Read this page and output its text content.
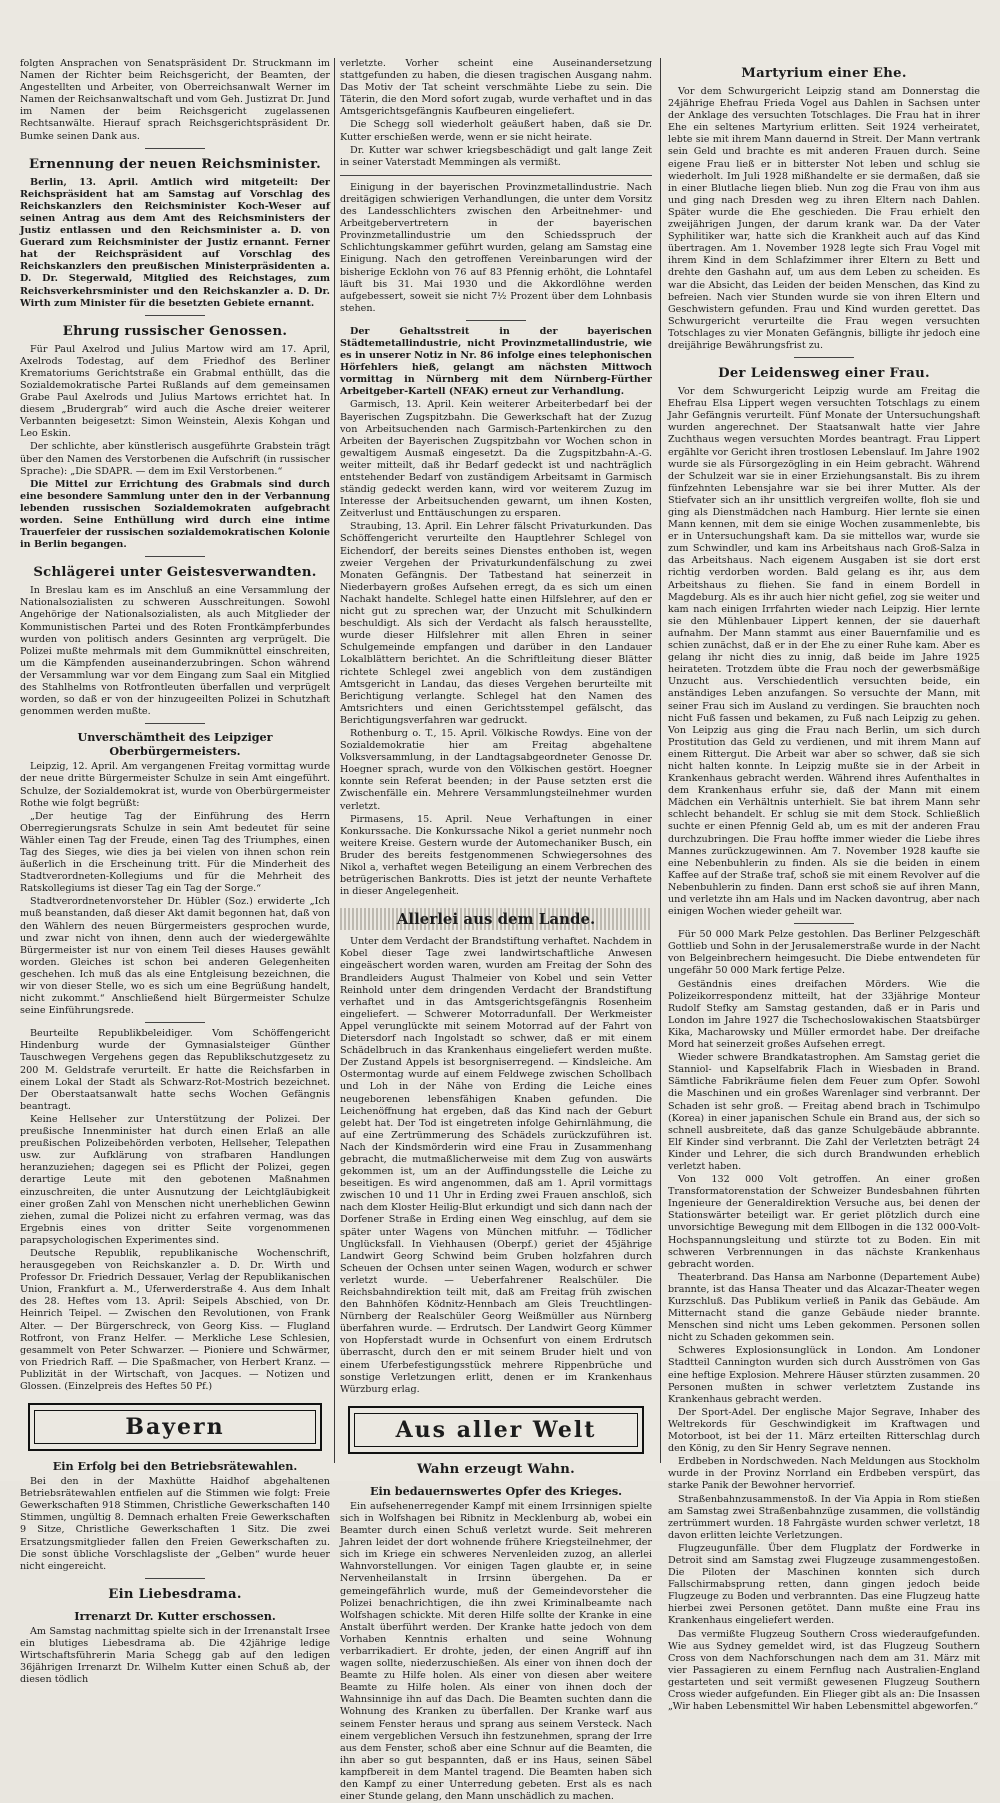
folgten Ansprachen von Senatspräsident Dr. Struckmann im Namen der Richter beim Reichsgericht, der Beamten, der Angestellten und Arbeiter, von Oberreichsanwalt Werner im Namen der Reichsanwaltschaft und vom Geh. Justizrat Dr. Jund im Namen der beim Reichsgericht zugelassenen Rechtsanwälte. Hierauf sprach Reichsgerichtspräsident Dr. Bumke seinen Dank aus.

Ernennung der neuen Reichsminister.

Berlin, 13. April. Amtlich wird mitgeteilt: Der Reichspräsident hat am Samstag auf Vorschlag des Reichskanzlers den Reichsminister Koch-Weser auf seinen Antrag aus dem Amt des Reichsministers der Justiz entlassen und den Reichsminister a. D. von Guerard zum Reichsminister der Justiz ernannt. Ferner hat der Reichspräsident auf Vorschlag des Reichskanzlers den preußischen Ministerpräsidenten a. D. Dr. Stegerwald, Mitglied des Reichstages, zum Reichsverkehrsminister und den Reichskanzler a. D. Dr. Wirth zum Minister für die besetzten Gebiete ernannt.

Ehrung russischer Genossen.

Für Paul Axelrod und Julius Martow wird am 17. April, Axelrods Todestag, auf dem Friedhof des Berliner Krematoriums Gerichtstraße ein Grabmal enthüllt, das die Sozialdemokratische Partei Rußlands auf dem gemeinsamen Grabe Paul Axelrods und Julius Martows errichtet hat. In diesem „Brudergrab“ wird auch die Asche dreier weiterer Verbannten beigesetzt: Simon Weinstein, Alexis Kohgan und Leo Eskin.

Der schlichte, aber künstlerisch ausgeführte Grabstein trägt über den Namen des Verstorbenen die Aufschrift (in russischer Sprache): „Die SDAPR. — dem im Exil Verstorbenen.“

Die Mittel zur Errichtung des Grabmals sind durch eine besondere Sammlung unter den in der Verbannung lebenden russischen Sozialdemokraten aufgebracht worden. Seine Enthüllung wird durch eine intime Trauerfeier der russischen sozialdemokratischen Kolonie in Berlin begangen.

Schlägerei unter Geistesverwandten.

In Breslau kam es im Anschluß an eine Versammlung der Nationalsozialisten zu schweren Ausschreitungen. Sowohl Angehörige der Nationalsozialisten, als auch Mitglieder der Kommunistischen Partei und des Roten Frontkämpferbundes wurden von politisch anders Gesinnten arg verprügelt. Die Polizei mußte mehrmals mit dem Gummiknüttel einschreiten, um die Kämpfenden auseinanderzubringen. Schon während der Versammlung war vor dem Eingang zum Saal ein Mitglied des Stahlhelms von Rotfrontleuten überfallen und verprügelt worden, so daß er von der hinzugeeilten Polizei in Schutzhaft genommen werden mußte.

Unverschämtheit des Leipziger Oberbürgermeisters.

Leipzig, 12. April. Am vergangenen Freitag vormittag wurde der neue dritte Bürgermeister Schulze in sein Amt eingeführt. Schulze, der Sozialdemokrat ist, wurde von Oberbürgermeister Rothe wie folgt begrüßt:

„Der heutige Tag der Einführung des Herrn Oberregierungsrats Schulze in sein Amt bedeutet für seine Wähler einen Tag der Freude, einen Tag des Triumphes, einen Tag des Sieges, wie dies ja bei vielen von ihnen schon rein äußerlich in die Erscheinung tritt. Für die Minderheit des Stadtverordneten-Kollegiums und für die Mehrheit des Ratskollegiums ist dieser Tag ein Tag der Sorge.“

Stadtverordnetenvorsteher Dr. Hübler (Soz.) erwiderte „Ich muß beanstanden, daß dieser Akt damit begonnen hat, daß von den Wählern des neuen Bürgermeisters gesprochen wurde, und zwar nicht von ihnen, denn auch der wiedergewählte Bürgermeister ist nur von einem Teil dieses Hauses gewählt worden. Gleiches ist schon bei anderen Gelegenheiten geschehen. Ich muß das als eine Entgleisung bezeichnen, die wir von dieser Stelle, wo es sich um eine Begrüßung handelt, nicht zukommt.“ Anschließend hielt Bürgermeister Schulze seine Einführungsrede.

Beurteilte Republikbeleidiger. Vom Schöffengericht Hindenburg wurde der Gymnasialsteiger Günther Tauschwegen Vergehens gegen das Republikschutzgesetz zu 200 M. Geldstrafe verurteilt. Er hatte die Reichsfarben in einem Lokal der Stadt als Schwarz-Rot-Mostrich bezeichnet. Der Oberstaatsanwalt hatte sechs Wochen Gefängnis beantragt.

Keine Hellseher zur Unterstützung der Polizei. Der preußische Innenminister hat durch einen Erlaß an alle preußischen Polizeibehörden verboten, Hellseher, Telepathen usw. zur Aufklärung von strafbaren Handlungen heranzuziehen; dagegen sei es Pflicht der Polizei, gegen derartige Leute mit den gebotenen Maßnahmen einzuschreiten, die unter Ausnutzung der Leichtgläubigkeit einer großen Zahl von Menschen nicht unerheblichen Gewinn ziehen, zumal die Polizei nicht zu erfahren vermag, was das Ergebnis eines von dritter Seite vorgenommenen parapsychologischen Experimentes sind.

Deutsche Republik, republikanische Wochenschrift, herausgegeben von Reichskanzler a. D. Dr. Wirth und Professor Dr. Friedrich Dessauer, Verlag der Republikanischen Union, Frankfurt a. M., Uferwerderstraße 4. Aus dem Inhalt des 28. Heftes vom 13. April: Seipels Abschied, von Dr. Heinrich Teipel. — Zwischen den Revolutionen, von Frank Alter. — Der Bürgerschreck, von Georg Kiss. — Flugland Rotfront, von Franz Helfer. — Merkliche Lese Schlesien, gesammelt von Peter Schwarzer. — Pioniere und Schwärmer, von Friedrich Raff. — Die Spaßmacher, von Herbert Kranz. — Publizität in der Wirtschaft, von Jacques. — Notizen und Glossen. (Einzelpreis des Heftes 50 Pf.)

Bayern
Ein Erfolg bei den Betriebsrätewahlen.

Bei den in der Maxhütte Haidhof abgehaltenen Betriebsrätewahlen entfielen auf die Stimmen wie folgt: Freie Gewerkschaften 918 Stimmen, Christliche Gewerkschaften 140 Stimmen, ungültig 8. Demnach erhalten Freie Gewerkschaften 9 Sitze, Christliche Gewerkschaften 1 Sitz. Die zwei Ersatzungsmitglieder fallen den Freien Gewerkschaften zu. Die sonst übliche Vorschlagsliste der „Gelben“ wurde heuer nicht eingereicht.

Ein Liebesdrama.
Irrenarzt Dr. Kutter erschossen.

Am Samstag nachmittag spielte sich in der Irrenanstalt Irsee ein blutiges Liebesdrama ab. Die 42jährige ledige Wirtschaftsführerin Maria Schegg gab auf den ledigen 36jährigen Irrenarzt Dr. Wilhelm Kutter einen Schuß ab, der diesen tödlich

verletzte. Vorher scheint eine Auseinandersetzung stattgefunden zu haben, die diesen tragischen Ausgang nahm. Das Motiv der Tat scheint verschmähte Liebe zu sein. Die Täterin, die den Mord sofort zugab, wurde verhaftet und in das Amtsgerichtsgefängnis Kaufbeuren eingeliefert.

Die Schegg soll wiederholt geäußert haben, daß sie Dr. Kutter erschießen werde, wenn er sie nicht heirate.

Dr. Kutter war schwer kriegsbeschädigt und galt lange Zeit in seiner Vaterstadt Memmingen als vermißt.

Einigung in der bayerischen Provinzmetallindustrie. Nach dreitägigen schwierigen Verhandlungen, die unter dem Vorsitz des Landesschlichters zwischen den Arbeitnehmer- und Arbeitgebervertretern in der bayerischen Provinzmetallindustrie um den Schiedsspruch der Schlichtungskammer geführt wurden, gelang am Samstag eine Einigung. Nach den getroffenen Vereinbarungen wird der bisherige Ecklohn von 76 auf 83 Pfennig erhöht, die Lohntafel läuft bis 31. Mai 1930 und die Akkordlöhne werden aufgebessert, soweit sie nicht 7½ Prozent über dem Lohnbasis stehen.

Der Gehaltsstreit in der bayerischen Städtemetallindustrie, nicht Provinzmetallindustrie, wie es in unserer Notiz in Nr. 86 infolge eines telephonischen Hörfehlers hieß, gelangt am nächsten Mittwoch vormittag in Nürnberg mit dem Nürnberg-Fürther Arbeitgeber-Kartell (NFAK) erneut zur Verhandlung.

Garmisch, 13. April. Kein weiterer Arbeiterbedarf bei der Bayerischen Zugspitzbahn. Die Gewerkschaft hat der Zuzug von Arbeitsuchenden nach Garmisch-Partenkirchen zu den Arbeiten der Bayerischen Zugspitzbahn vor Wochen schon in gewaltigem Ausmaß eingesetzt. Da die Zugspitzbahn-A.-G. weiter mitteilt, daß ihr Bedarf gedeckt ist und nachträglich entstehender Bedarf von zuständigem Arbeitsamt in Garmisch ständig gedeckt werden kann, wird vor weiterem Zuzug im Interesse der Arbeitsuchenden gewarnt, um ihnen Kosten, Zeitverlust und Enttäuschungen zu ersparen.

Straubing, 13. April. Ein Lehrer fälscht Privaturkunden. Das Schöffengericht verurteilte den Hauptlehrer Schlegel von Eichendorf, der bereits seines Dienstes enthoben ist, wegen zweier Vergehen der Privaturkundenfälschung zu zwei Monaten Gefängnis. Der Tatbestand hat seinerzeit in Niederbayern großes Aufsehen erregt, da es sich um einen Nachakt handelte. Schlegel hatte einen Hilfslehrer, auf den er nicht gut zu sprechen war, der Unzucht mit Schulkindern beschuldigt. Als sich der Verdacht als falsch herausstellte, wurde dieser Hilfslehrer mit allen Ehren in seiner Schulgemeinde empfangen und darüber in den Landauer Lokalblättern berichtet. An die Schriftleitung dieser Blätter richtete Schlegel zwei angeblich von dem zuständigen Amtsgericht in Landau, das dieses Vergehen berurteilte mit Berichtigung verlangte. Schlegel hat den Namen des Amtsrichters und einen Gerichtsstempel gefälscht, das Berichtigungsverfahren war gedruckt.

Rothenburg o. T., 15. April. Völkische Rowdys. Eine von der Sozialdemokratie hier am Freitag abgehaltene Volksversammlung, in der Landtagsabgeordneter Genosse Dr. Hoegner sprach, wurde von den Völkischen gestört. Hoegner konnte sein Referat beenden; in der Pause setzten erst die Zwischenfälle ein. Mehrere Versammlungsteilnehmer wurden verletzt.

Pirmasens, 15. April. Neue Verhaftungen in einer Konkurssache. Die Konkurssache Nikol a geriet nunmehr noch weitere Kreise. Gestern wurde der Automechaniker Busch, ein Bruder des bereits festgenommenen Schwiegersohnes des Nikol a, verhaftet wegen Beteiligung an einem Verbrechen des betrügerischen Bankrotts. Dies ist jetzt der neunte Verhaftete in dieser Angelegenheit.

Allerlei aus dem Lande.

Unter dem Verdacht der Brandstiftung verhaftet. Nachdem in Kobel dieser Tage zwei landwirtschaftliche Anwesen eingeäschert worden waren, wurden am Freitag der Sohn des Brandleiders August Thalmeier von Kobel und sein Vetter Reinhold unter dem dringenden Verdacht der Brandstiftung verhaftet und in das Amtsgerichtsgefängnis Rosenheim eingeliefert. — Schwerer Motorradunfall. Der Werkmeister Appel verunglückte mit seinem Motorrad auf der Fahrt von Dietersdorf nach Ingolstadt so schwer, daß er mit einem Schädelbruch in das Krankenhaus eingeliefert werden mußte. Der Zustand Appels ist besorgniserregend. — Kindsleiche. Am Ostermontag wurde auf einem Feldwege zwischen Schollbach und Loh in der Nähe von Erding die Leiche eines neugeborenen lebensfähigen Knaben gefunden. Die Leichenöffnung hat ergeben, daß das Kind nach der Geburt gelebt hat. Der Tod ist eingetreten infolge Gehirnlähmung, die auf eine Zertrümmerung des Schädels zurückzuführen ist. Nach der Kindsmörderin wird eine Frau in Zusammenhang gebracht, die mutmaßlicherweise mit dem Zug von auswärts gekommen ist, um an der Auffindungsstelle die Leiche zu beseitigen. Es wird angenommen, daß am 1. April vormittags zwischen 10 und 11 Uhr in Erding zwei Frauen anschloß, sich nach dem Kloster Heilig-Blut erkundigt und sich dann nach der Dorfener Straße in Erding einen Weg einschlug, auf dem sie später unter Wagens von München mitfuhr. — Tödlicher Unglücksfall. In Viehhausen (Oberpf.) geriet der 45jährige Landwirt Georg Schwind beim Gruben holzfahren durch Scheuen der Ochsen unter seinen Wagen, wodurch er schwer verletzt wurde. — Ueberfahrener Realschüler. Die Reichsbahndirektion teilt mit, daß am Freitag früh zwischen den Bahnhöfen Ködnitz-Hennbach am Gleis Treuchtlingen-Nürnberg der Realschüler Georg Weißmüller aus Nürnberg überfahren wurde. — Erdrutsch. Der Landwirt Georg Kümmer von Hopferstadt wurde in Ochsenfurt von einem Erdrutsch überrascht, durch den er mit seinem Bruder hielt und von einem Uferbefestigungsstück mehrere Rippenbrüche und sonstige Verletzungen erlitt, denen er im Krankenhaus Würzburg erlag.

Aus aller Welt
Wahn erzeugt Wahn.
Ein bedauernswertes Opfer des Krieges.

Ein aufsehenerregender Kampf mit einem Irrsinnigen spielte sich in Wolfshagen bei Ribnitz in Mecklenburg ab, wobei ein Beamter durch einen Schuß verletzt wurde. Seit mehreren Jahren leidet der dort wohnende frühere Kriegsteilnehmer, der sich im Kriege ein schweres Nervenleiden zuzog, an allerlei Wahnvorstellungen. Vor einigen Tagen glaubte er, in seine Nervenheilanstalt in Irrsinn übergehen. Da er gemeingefährlich wurde, muß der Gemeindevorsteher die Polizei benachrichtigen, die ihn zwei Kriminalbeamte nach Wolfshagen schickte. Mit deren Hilfe sollte der Kranke in eine Anstalt überführt werden. Der Kranke hatte jedoch von dem Vorhaben Kenntnis erhalten und seine Wohnung verbarrikadiert. Er drohte, jeden, der einen Angriff auf ihn wagen sollte, niederzuschießen. Als einer von ihnen doch der Beamte zu Hilfe holen. Als einer von diesen aber weitere Beamte zu Hilfe holen. Als einer von ihnen doch der Wahnsinnige ihn auf das Dach. Die Beamten suchten dann die Wohnung des Kranken zu überfallen. Der Kranke warf aus seinem Fenster heraus und sprang aus seinem Versteck. Nach einem vergeblichen Versuch ihn festzunehmen, sprang der Irre aus dem Fenster, schoß aber eine Schnur auf die Beamten, die ihn aber so gut bespannten, daß er ins Haus, seinen Säbel kampfbereit in dem Mantel tragend. Die Beamten haben sich den Kampf zu einer Unterredung gebeten. Erst als es nach einer Stunde gelang, den Mann unschädlich zu machen.

Martyrium einer Ehe.

Vor dem Schwurgericht Leipzig stand am Donnerstag die 24jährige Ehefrau Frieda Vogel aus Dahlen in Sachsen unter der Anklage des versuchten Totschlages. Die Frau hat in ihrer Ehe ein seltenes Martyrium erlitten. Seit 1924 verheiratet, lebte sie mit ihrem Mann dauernd in Streit. Der Mann vertrank sein Geld und brachte es mit anderen Frauen durch. Seine eigene Frau ließ er in bitterster Not leben und schlug sie wiederholt. Im Juli 1928 mißhandelte er sie dermaßen, daß sie in einer Blutlache liegen blieb. Nun zog die Frau von ihm aus und ging nach Dresden weg zu ihren Eltern nach Dahlen. Später wurde die Ehe geschieden. Die Frau erhielt den zweijährigen Jungen, der darum krank war. Da der Vater Syphilitiker war, hatte sich die Krankheit auch auf das Kind übertragen. Am 1. November 1928 legte sich Frau Vogel mit ihrem Kind in dem Schlafzimmer ihrer Eltern zu Bett und drehte den Gashahn auf, um aus dem Leben zu scheiden. Es war die Absicht, das Leiden der beiden Menschen, das Kind zu befreien. Nach vier Stunden wurde sie von ihren Eltern und Geschwistern gefunden. Frau und Kind wurden gerettet. Das Schwurgericht verurteilte die Frau wegen versuchten Totschlages zu vier Monaten Gefängnis, billigte ihr jedoch eine dreijährige Bewährungsfrist zu.

Der Leidensweg einer Frau.

Vor dem Schwurgericht Leipzig wurde am Freitag die Ehefrau Elsa Lippert wegen versuchten Totschlags zu einem Jahr Gefängnis verurteilt. Fünf Monate der Untersuchungshaft wurden angerechnet. Der Staatsanwalt hatte vier Jahre Zuchthaus wegen versuchten Mordes beantragt. Frau Lippert ergählte vor Gericht ihren trostlosen Lebenslauf. Im Jahre 1902 wurde sie als Fürsorgezögling in ein Heim gebracht. Während der Schulzeit war sie in einer Erziehungsanstalt. Bis zu ihrem fünfzehnten Lebensjahre war sie bei ihrer Mutter. Als der Stiefvater sich an ihr unsittlich vergreifen wollte, floh sie und ging als Dienstmädchen nach Hamburg. Hier lernte sie einen Mann kennen, mit dem sie einige Wochen zusammenlebte, bis er in Untersuchungshaft kam. Da sie mittellos war, wurde sie zum Schwindler, und kam ins Arbeitshaus nach Groß-Salza in das Arbeitshaus. Nach eigenem Ausgaben ist sie dort erst richtig verdorben worden. Bald gelang es ihr, aus dem Arbeitshaus zu fliehen. Sie fand in einem Bordell in Magdeburg. Als es ihr auch hier nicht gefiel, zog sie weiter und kam nach einigen Irrfahrten wieder nach Leipzig. Hier lernte sie den Mühlenbauer Lippert kennen, der sie dauerhaft aufnahm. Der Mann stammt aus einer Bauernfamilie und es schien zunächst, daß er in der Ehe zu einer Ruhe kam. Aber es gelang ihr nicht dies zu innig, daß beide im Jahre 1925 heirateten. Trotzdem übte die Frau noch der gewerbsmäßige Unzucht aus. Verschiedentlich versuchten beide, ein anständiges Leben anzufangen. So versuchte der Mann, mit seiner Frau sich im Ausland zu verdingen. Sie brauchten noch nicht Fuß fassen und bekamen, zu Fuß nach Leipzig zu gehen. Von Leipzig aus ging die Frau nach Berlin, um sich durch Prostitution das Geld zu verdienen, und mit ihrem Mann auf einem Rittergut. Die Arbeit war aber so schwer, daß sie sich nicht halten konnte. In Leipzig mußte sie in der Arbeit in Krankenhaus gebracht werden. Während ihres Aufenthaltes in dem Krankenhaus erfuhr sie, daß der Mann mit einem Mädchen ein Verhältnis unterhielt. Sie bat ihrem Mann sehr schlecht behandelt. Er schlug sie mit dem Stock. Schließlich suchte er einen Pfennig Geld ab, um es mit der anderen Frau durchzubringen. Die Frau hoffte immer wieder die Liebe ihres Mannes zurückzugewinnen. Am 7. November 1928 kaufte sie eine Nebenbuhlerin zu finden. Als sie die beiden in einem Kaffee auf der Straße traf, schoß sie mit einem Revolver auf die Nebenbuhlerin zu finden. Dann erst schoß sie auf ihren Mann, und verletzte ihn am Hals und im Nacken davontrug, aber nach einigen Wochen wieder geheilt war.

Für 50 000 Mark Pelze gestohlen. Das Berliner Pelzgeschäft Gottlieb und Sohn in der Jerusalemerstraße wurde in der Nacht von Belgeinbrechern heimgesucht. Die Diebe entwendeten für ungefähr 50 000 Mark fertige Pelze.

Geständnis eines dreifachen Mörders. Wie die Polizeikorrespondenz mitteilt, hat der 33jährige Monteur Rudolf Stefky am Samstag gestanden, daß er in Paris und London im Jahre 1927 die Tschechoslowakischen Staatsbürger Kika, Macharowsky und Müller ermordet habe. Der dreifache Mord hat seinerzeit großes Aufsehen erregt.

Wieder schwere Brandkatastrophen. Am Samstag geriet die Stanniol- und Kapselfabrik Flach in Wiesbaden in Brand. Sämtliche Fabrikräume fielen dem Feuer zum Opfer. Sowohl die Maschinen und ein großes Warenlager sind verbrannt. Der Schaden ist sehr groß. — Freitag abend brach in Tschimulpo (Korea) in einer japanischen Schule ein Brand aus, der sich so schnell ausbreitete, daß das ganze Schulgebäude abbrannte. Elf Kinder sind verbrannt. Die Zahl der Verletzten beträgt 24 Kinder und Lehrer, die sich durch Brandwunden erheblich verletzt haben.

Von 132 000 Volt getroffen. An einer großen Transformatorenstation der Schweizer Bundesbahnen führten Ingenieure der Generaldirektion Versuche aus, bei denen der Stationswärter beteiligt war. Er geriet plötzlich durch eine unvorsichtige Bewegung mit dem Ellbogen in die 132 000-Volt-Hochspannungsleitung und stürzte tot zu Boden. Ein mit schweren Verbrennungen in das nächste Krankenhaus gebracht worden.

Theaterbrand. Das Hansa am Narbonne (Departement Aube) brannte, ist das Hansa Theater und das Alcazar-Theater wegen Kurzschluß. Das Publikum verließ in Panik das Gebäude. Am Mitternacht stand die ganze Gebäude nieder brannte. Menschen sind nicht ums Leben gekommen. Personen sollen nicht zu Schaden gekommen sein.

Schweres Explosionsunglück in London. Am Londoner Stadtteil Cannington wurden sich durch Ausströmen von Gas eine heftige Explosion. Mehrere Häuser stürzten zusammen. 20 Personen mußten in schwer verletztem Zustande ins Krankenhaus gebracht werden.

Der Sport-Adel. Der englische Major Segrave, Inhaber des Weltrekords für Geschwindigkeit im Kraftwagen und Motorboot, ist bei der 11. März erteilten Ritterschlag durch den König, zu den Sir Henry Segrave nennen.

Erdbeben in Nordschweden. Nach Meldungen aus Stockholm wurde in der Provinz Norrland ein Erdbeben verspürt, das starke Panik der Bewohner hervorrief.

Straßenbahnzusammenstoß. In der Via Appia in Rom stießen am Samstag zwei Straßenbahnzüge zusammen, die vollständig zertrümmert wurden. 18 Fahrgäste wurden schwer verletzt, 18 davon erlitten leichte Verletzungen.

Flugzeugunfälle. Über dem Flugplatz der Fordwerke in Detroit sind am Samstag zwei Flugzeuge zusammengestoßen. Die Piloten der Maschinen konnten sich durch Fallschirmabsprung retten, dann gingen jedoch beide Flugzeuge zu Boden und verbrannten. Das eine Flugzeug hatte hierbei zwei Personen getötet. Dann mußte eine Frau ins Krankenhaus eingeliefert werden.

Das vermißte Flugzeug Southern Cross wiederaufgefunden. Wie aus Sydney gemeldet wird, ist das Flugzeug Southern Cross von dem Nachforschungen nach dem am 31. März mit vier Passagieren zu einem Fernflug nach Australien-England gestarteten und seit vermißt gewesenen Flugzeug Southern Cross wieder aufgefunden. Ein Flieger gibt als an: Die Insassen „Wir haben Lebensmittel Wir haben Lebensmittel abgeworfen.“
